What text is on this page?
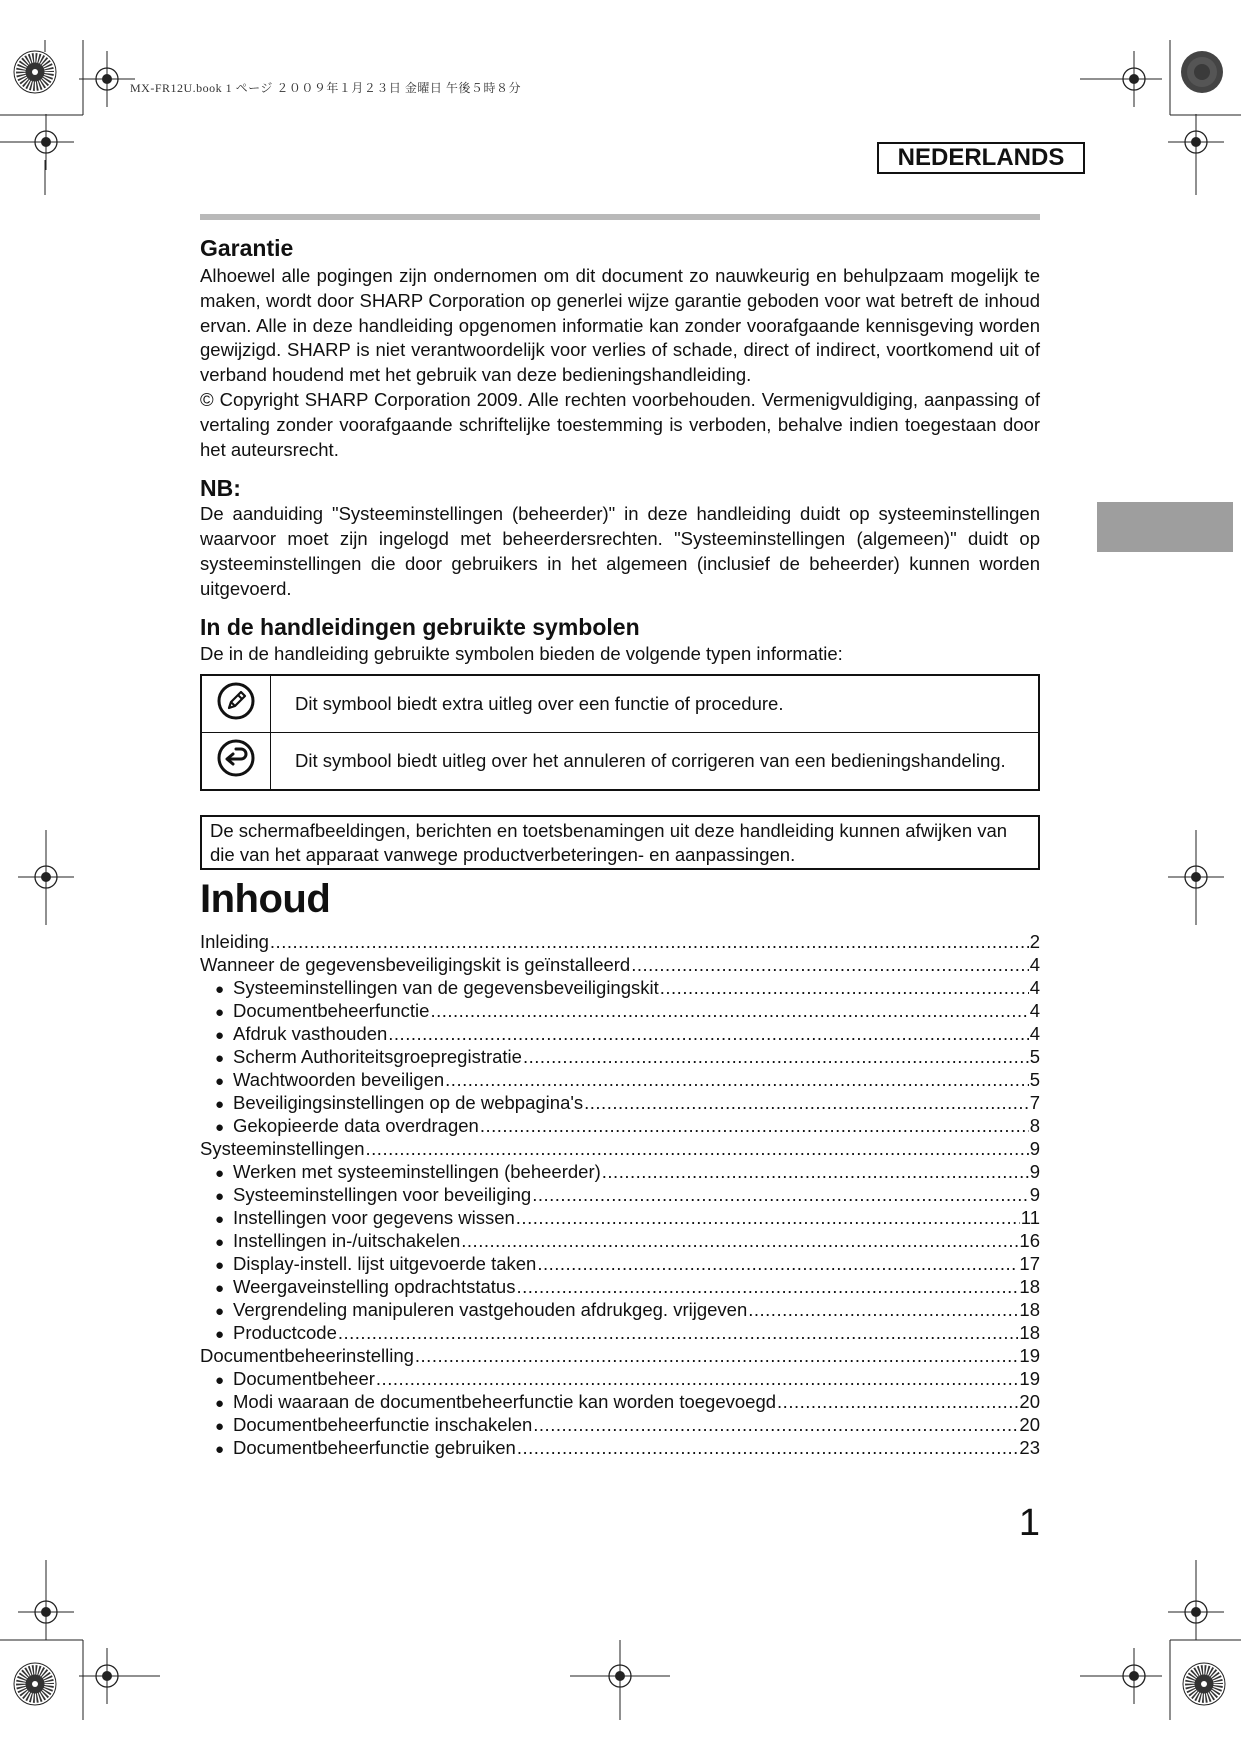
MX-FR12U.book 1 ページ ２００９年１月２３日 金曜日 午後５時８分
NEDERLANDS
Garantie

Alhoewel alle pogingen zijn ondernomen om dit document zo nauwkeurig en behulpzaam mogelijk te maken, wordt door SHARP Corporation op generlei wijze garantie geboden voor wat betreft de inhoud ervan. Alle in deze handleiding opgenomen informatie kan zonder voorafgaande kennisgeving worden gewijzigd. SHARP is niet verantwoordelijk voor verlies of schade, direct of indirect, voortkomend uit of verband houdend met het gebruik van deze bedieningshandleiding.

© Copyright SHARP Corporation 2009. Alle rechten voorbehouden. Vermenigvuldiging, aanpassing of vertaling zonder voorafgaande schriftelijke toestemming is verboden, behalve indien toegestaan door het auteursrecht.

NB:

De aanduiding "Systeeminstellingen (beheerder)" in deze handleiding duidt op systeeminstellingen waarvoor moet zijn ingelogd met beheerdersrechten. "Systeeminstellingen (algemeen)" duidt op systeeminstellingen die door gebruikers in het algemeen (inclusief de beheerder) kunnen worden uitgevoerd.

In de handleidingen gebruikte symbolen

De in de handleiding gebruikte symbolen bieden de volgende typen informatie:

	Dit symbool biedt extra uitleg over een functie of procedure.
	Dit symbool biedt uitleg over het annuleren of corrigeren van een bedieningshandeling.
De schermafbeeldingen, berichten en toetsbenamingen uit deze handleiding kunnen afwijken van die van het apparaat vanwege productverbeteringen- en aanpassingen.
Inhoud
Inleiding .....	2
Wanneer de gegevensbeveiligingskit is geïnstalleerd .....	4
● Systeeminstellingen van de gegevensbeveiligingskit .....	4
● Documentbeheerfunctie .....	4
● Afdruk vasthouden .....	4
● Scherm Authoriteitsgroepregistratie .....	5
● Wachtwoorden beveiligen .....	5
● Beveiligingsinstellingen op de webpagina's .....	7
● Gekopieerde data overdragen .....	8
Systeeminstellingen .....	9
● Werken met systeeminstellingen (beheerder) .....	9
● Systeeminstellingen voor beveiliging .....	9
● Instellingen voor gegevens wissen .....	11
● Instellingen in-/uitschakelen .....	16
● Display-instell. lijst uitgevoerde taken .....	17
● Weergaveinstelling opdrachtstatus .....	18
● Vergrendeling manipuleren vastgehouden afdrukgeg. vrijgeven .....	18
● Productcode .....	18
Documentbeheerinstelling .....	19
● Documentbeheer .....	19
● Modi waaraan de documentbeheerfunctie kan worden toegevoegd .....	20
● Documentbeheerfunctie inschakelen .....	20
● Documentbeheerfunctie gebruiken .....	23
1
